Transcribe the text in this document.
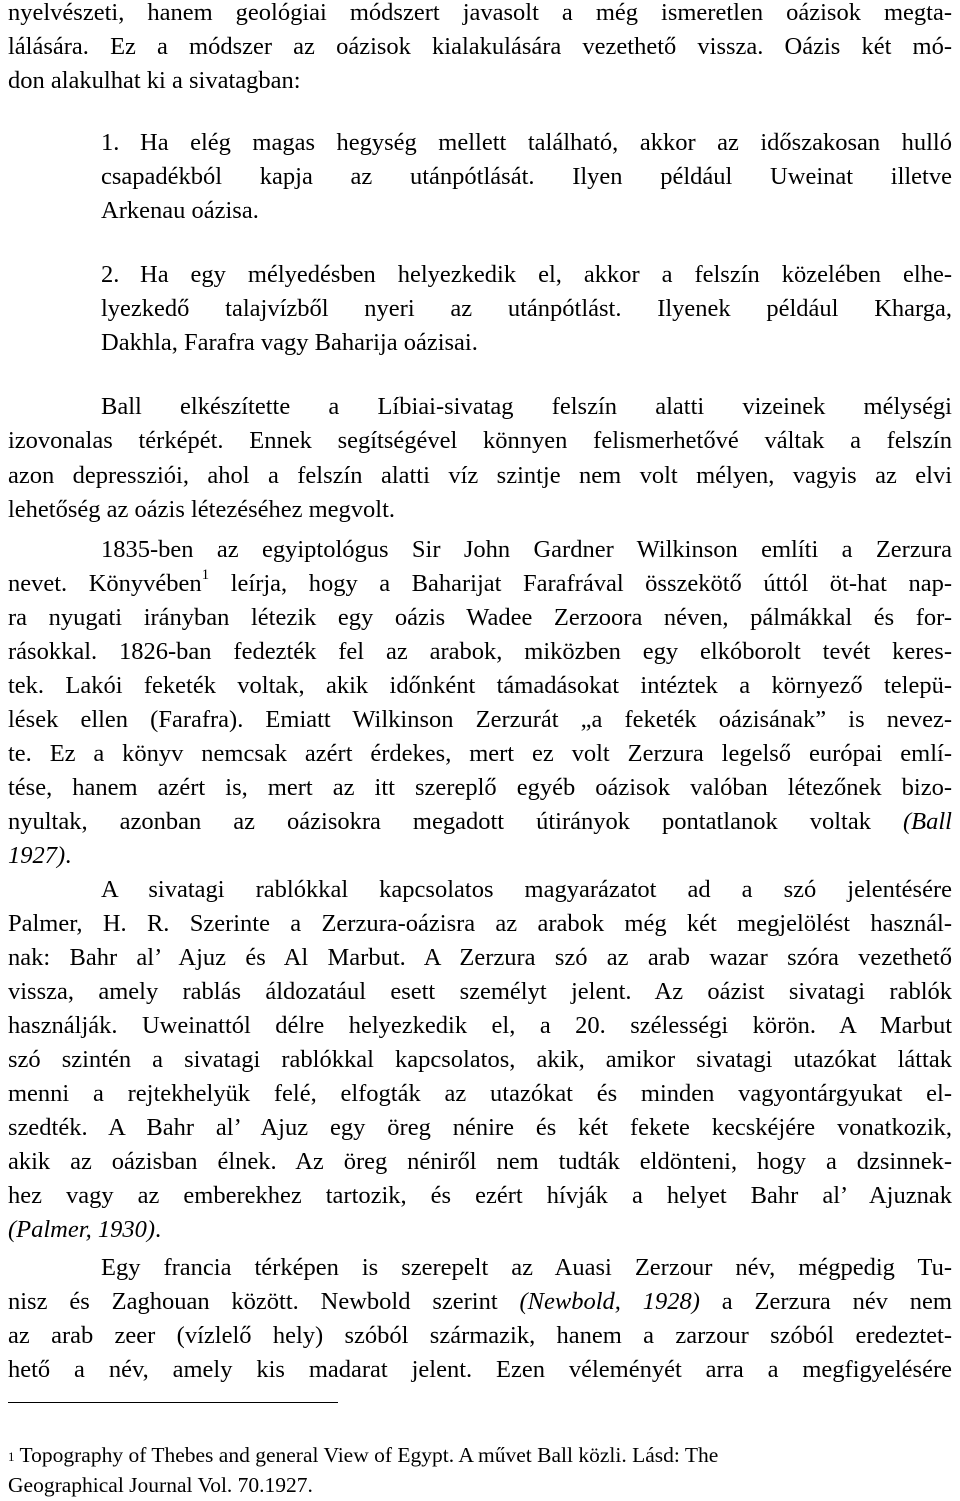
nyelvészeti, hanem geológiai módszert javasolt a még ismeretlen oázisok megta-
lálására. Ez a módszer az oázisok kialakulására vezethető vissza. Oázis két mó-
don alakulhat ki a sivatagban:
1. Ha elég magas hegység mellett található, akkor az időszakosan hulló
csapadékból kapja az utánpótlását. Ilyen például Uweinat illetve
Arkenau oázisa.
2. Ha egy mélyedésben helyezkedik el, akkor a felszín közelében elhe-
lyezkedő talajvízből nyeri az utánpótlást. Ilyenek például Kharga,
Dakhla, Farafra vagy Baharija oázisai.
Ball elkészítette a Líbiai-sivatag felszín alatti vizeinek mélységi
izovonalas térképét. Ennek segítségével könnyen felismerhetővé váltak a felszín
azon depressziói, ahol a felszín alatti víz szintje nem volt mélyen, vagyis az elvi
lehetőség az oázis létezéséhez megvolt.
1835-ben az egyiptológus Sir John Gardner Wilkinson említi a Zerzura
nevet. Könyvében$^1$ leírja, hogy a Baharijat Farafrával összekötő úttól öt-hat nap-
ra nyugati irányban létezik egy oázis Wadee Zerzoora néven, pálmákkal és for-
rásokkal. 1826-ban fedezték fel az arabok, miközben egy elkóborolt tevét keres-
tek. Lakói feketék voltak, akik időnként támadásokat intéztek a környező telepü-
lések ellen (Farafra). Emiatt Wilkinson Zerzurát „a feketék oázisának” is nevez-
te. Ez a könyv nemcsak azért érdekes, mert ez volt Zerzura legelső európai emlí-
tése, hanem azért is, mert az itt szereplő egyéb oázisok valóban létezőnek bizo-
nyultak, azonban az oázisokra megadott útirányok pontatlanok voltak (Ball
1927).
A sivatagi rablókkal kapcsolatos magyarázatot ad a szó jelentésére
Palmer, H. R. Szerinte a Zerzura-oázisra az arabok még két megjelölést használ-
nak: Bahr al’ Ajuz és Al Marbut. A Zerzura szó az arab wazar szóra vezethető
vissza, amely rablás áldozatául esett személyt jelent. Az oázist sivatagi rablók
használják. Uweinattól délre helyezkedik el, a 20. szélességi körön. A Marbut
szó szintén a sivatagi rablókkal kapcsolatos, akik, amikor sivatagi utazókat láttak
menni a rejtekhelyük felé, elfogták az utazókat és minden vagyontárgyukat el-
szedték. A Bahr al’ Ajuz egy öreg nénire és két fekete kecskéjére vonatkozik,
akik az oázisban élnek. Az öreg néniről nem tudták eldönteni, hogy a dzsinnek-
hez vagy az emberekhez tartozik, és ezért hívják a helyet Bahr al’ Ajuznak
(Palmer, 1930).
Egy francia térképen is szerepelt az Auasi Zerzour név, mégpedig Tu-
nisz és Zaghouan között. Newbold szerint (Newbold, 1928) a Zerzura név nem
az arab zeer (vízlelő hely) szóból származik, hanem a zarzour szóból eredeztet-
hető a név, amely kis madarat jelent. Ezen véleményét arra a megfigyelésére
$^1$ Topography of Thebes and general View of Egypt. A művet Ball közli. Lásd: The
Geographical Journal Vol. 70.1927.
